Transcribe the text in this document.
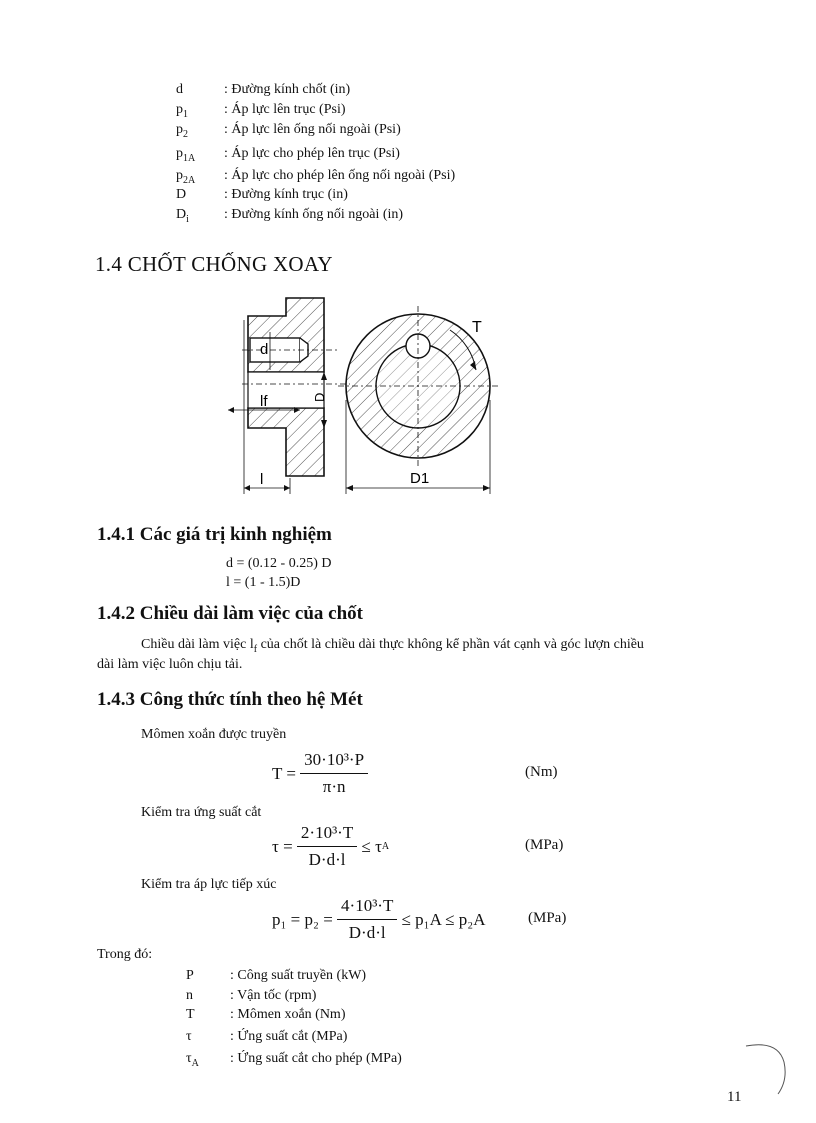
d	: Đường kính chốt (in)
$p_1$	: Áp lực lên trục (Psi)
$p_2$	: Áp lực lên ống nối ngoài (Psi)
$p_{1A}$ : Áp lực cho phép lên trục (Psi)
$p_{2A}$ : Áp lực cho phép lên ống nối ngoài (Psi)
D	: Đường kính trục (in)
$D_i$	: Đường kính ống nối ngoài (in)
1.4 CHỐT CHỐNG XOAY
d
lf
l
D
T
D1
1.4.1 Các giá trị kinh nghiệm
d = (0.12 - 0.25) D
l = (1 - 1.5)D
1.4.2 Chiều dài làm việc của chốt
Chiều dài làm việc $l_f$ của chốt là chiều dài thực không kể phần vát cạnh và góc lượn chiều
dài làm việc luôn chịu tải.
1.4.3 Công thức tính theo hệ Mét
Mômen xoắn được truyền
T =
$\frac{\text{30·10³·P}}{\pi\cdot n}$	(Nm)
Kiểm tra ứng suất cắt
τ =
$\frac{\text{2·10³·T}}{D\cdot d\cdot l}$
≤ τ A	(MPa)
Kiểm tra áp lực tiếp xúc
p₁ = p₂ =
$\frac{\text{4·10³·T}}{D\cdot d\cdot l}$
≤ p₁A ≤ p₂A	(MPa)
Trong đó:
P	: Công suất truyền (kW)
n	: Vận tốc (rpm)
T	: Mômen xoắn (Nm)
τ	: Ứng suất cắt (MPa)
$\tau_A$ : Ứng suất cắt cho phép (MPa)
11
